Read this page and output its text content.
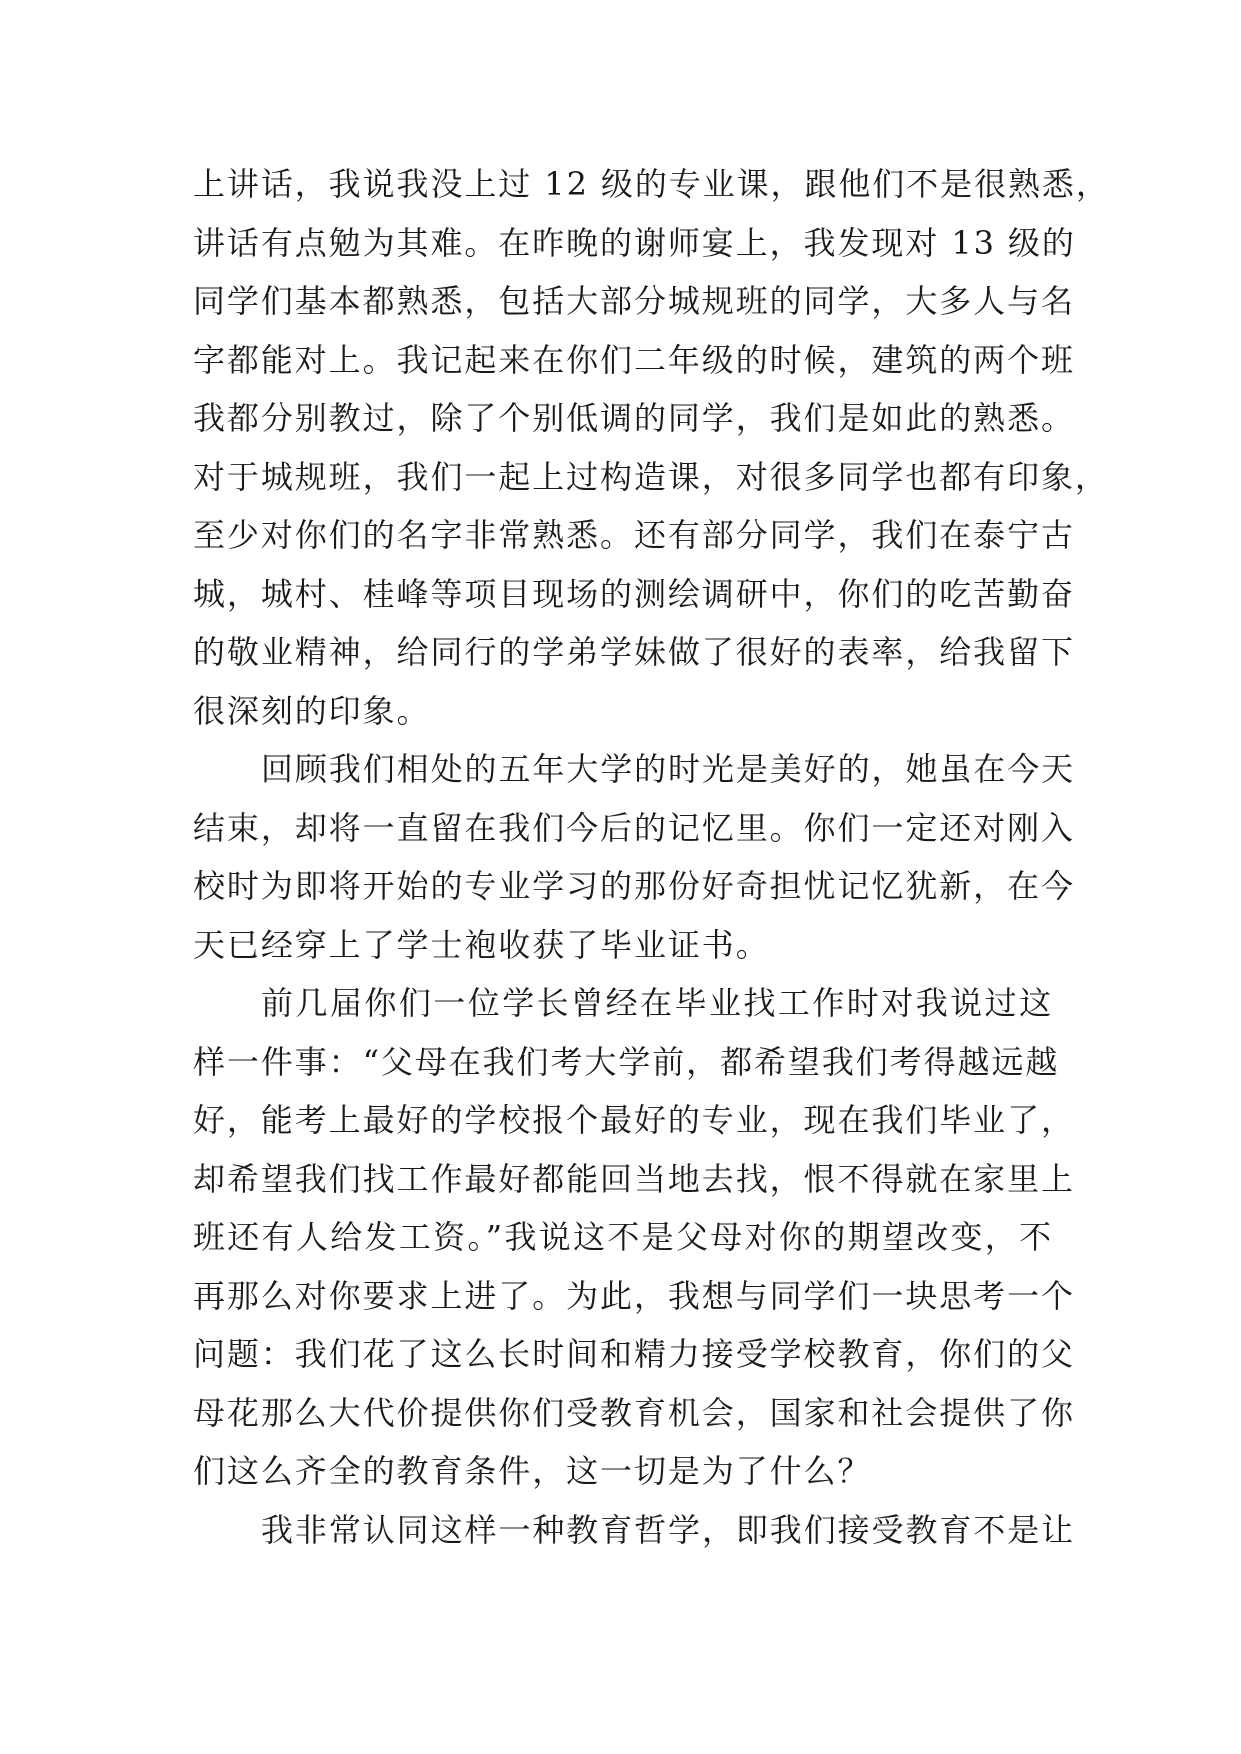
上讲话，我说我没上过 12 级的专业课，跟他们不是很熟悉，
讲话有点勉为其难。在昨晚的谢师宴上，我发现对 13 级的
同学们基本都熟悉，包括大部分城规班的同学，大多人与名
字都能对上。我记起来在你们二年级的时候，建筑的两个班
我都分别教过，除了个别低调的同学，我们是如此的熟悉。
对于城规班，我们一起上过构造课，对很多同学也都有印象，
至少对你们的名字非常熟悉。还有部分同学，我们在泰宁古
城，城村、桂峰等项目现场的测绘调研中，你们的吃苦勤奋
的敬业精神，给同行的学弟学妹做了很好的表率，给我留下
很深刻的印象。
回顾我们相处的五年大学的时光是美好的，她虽在今天
结束，却将一直留在我们今后的记忆里。你们一定还对刚入
校时为即将开始的专业学习的那份好奇担忧记忆犹新，在今
天已经穿上了学士袍收获了毕业证书。
前几届你们一位学长曾经在毕业找工作时对我说过这
样一件事：“父母在我们考大学前，都希望我们考得越远越
好，能考上最好的学校报个最好的专业，现在我们毕业了，
却希望我们找工作最好都能回当地去找，恨不得就在家里上
班还有人给发工资。”我说这不是父母对你的期望改变，不
再那么对你要求上进了。为此，我想与同学们一块思考一个
问题：我们花了这么长时间和精力接受学校教育，你们的父
母花那么大代价提供你们受教育机会，国家和社会提供了你
们这么齐全的教育条件，这一切是为了什么？
我非常认同这样一种教育哲学，即我们接受教育不是让
